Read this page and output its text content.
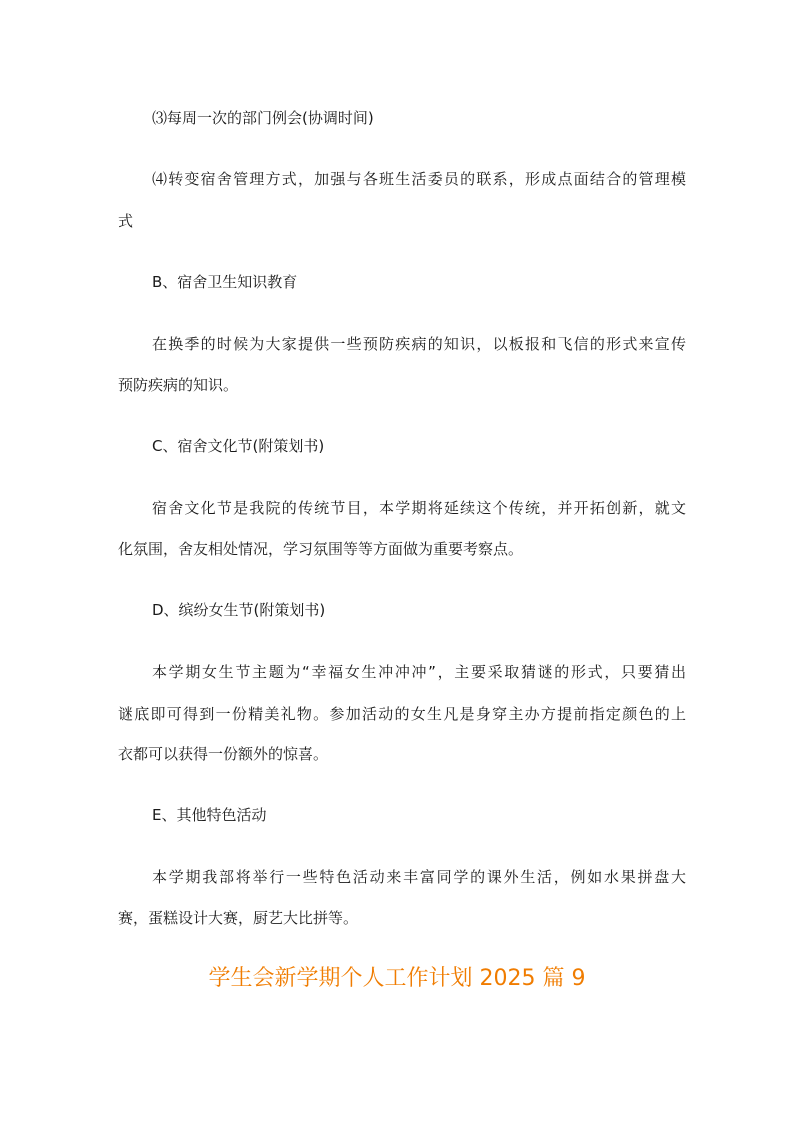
⑶每周一次的部门例会(协调时间)
⑷转变宿舍管理方式，加强与各班生活委员的联系，形成点面结合的管理模
式
B、宿舍卫生知识教育
在换季的时候为大家提供一些预防疾病的知识，以板报和飞信的形式来宣传
预防疾病的知识。
C、宿舍文化节(附策划书)
宿舍文化节是我院的传统节目，本学期将延续这个传统，并开拓创新，就文
化氛围，舍友相处情况，学习氛围等等方面做为重要考察点。
D、缤纷女生节(附策划书)
本学期女生节主题为“幸福女生冲冲冲”，主要采取猜谜的形式，只要猜出
谜底即可得到一份精美礼物。参加活动的女生凡是身穿主办方提前指定颜色的上
衣都可以获得一份额外的惊喜。
E、其他特色活动
本学期我部将举行一些特色活动来丰富同学的课外生活，例如水果拼盘大
赛，蛋糕设计大赛，厨艺大比拼等。
学生会新学期个人工作计划 2025 篇 9
